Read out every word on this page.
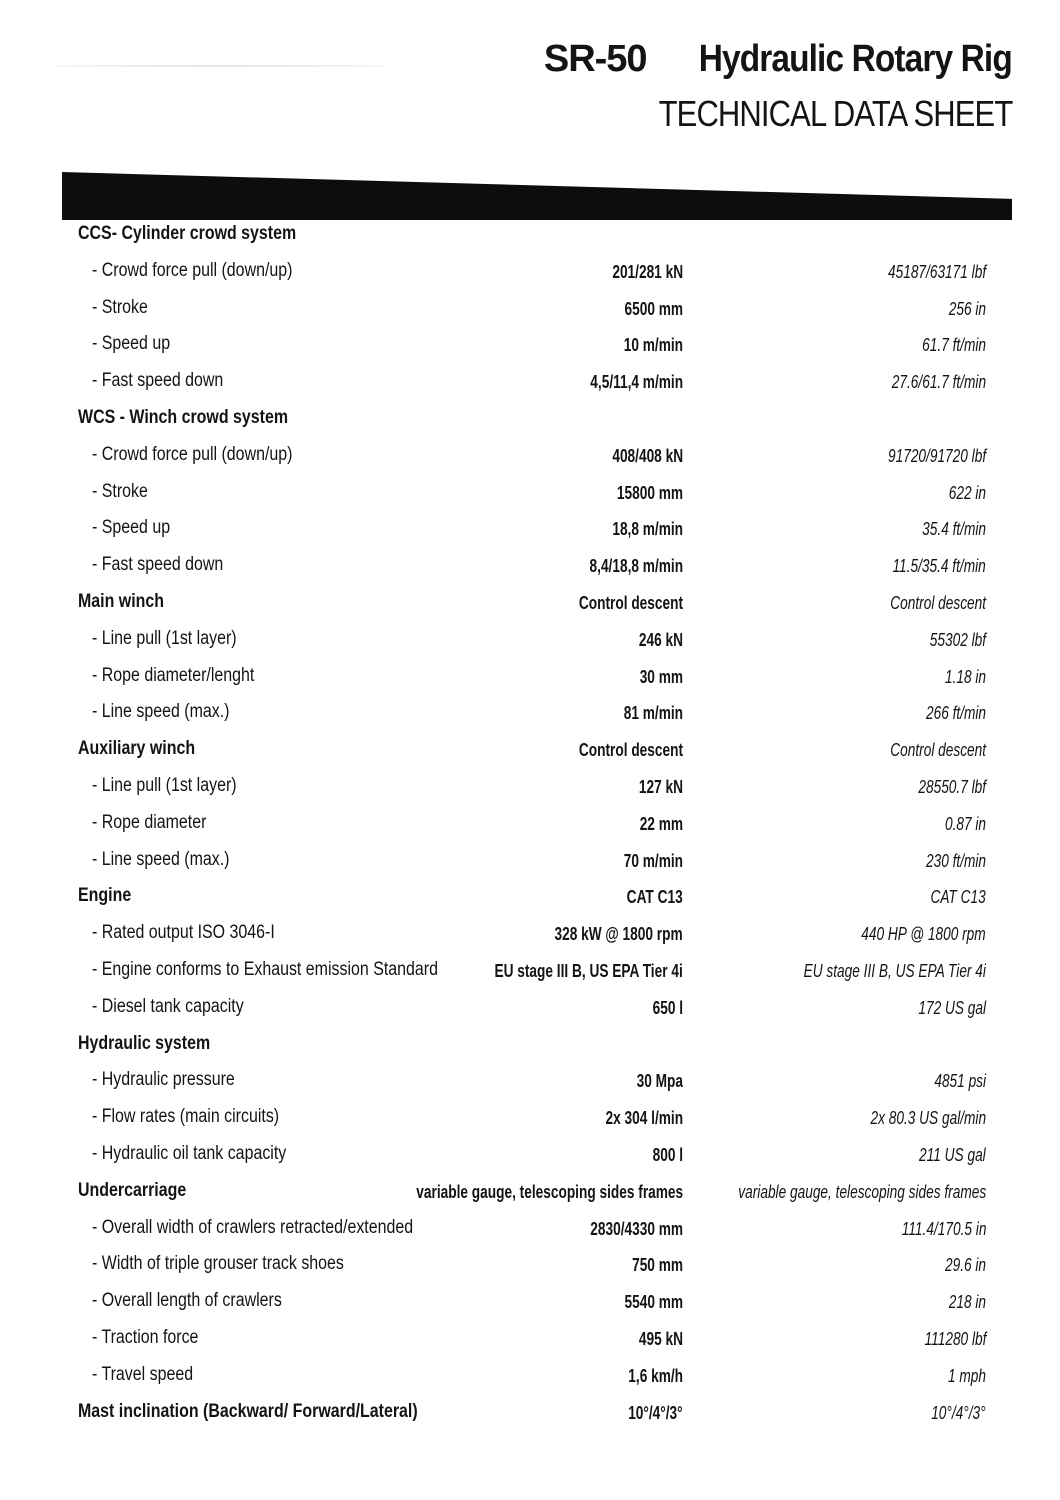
SR-50 Hydraulic Rotary Rig
TECHNICAL DATA SHEET
CCS- Cylinder crowd system
- Crowd force pull (down/up)	201/281 kN	45187/63171 lbf
- Stroke	6500 mm	256 in
- Speed up	10 m/min	61.7 ft/min
- Fast speed down	4,5/11,4 m/min	27.6/61.7 ft/min
WCS - Winch crowd system
- Crowd force pull (down/up)	408/408 kN	91720/91720 lbf
- Stroke	15800 mm	622 in
- Speed up	18,8 m/min	35.4 ft/min
- Fast speed down	8,4/18,8 m/min	11.5/35.4 ft/min
Main winch	Control descent	Control descent
- Line pull (1st layer)	246 kN	55302 lbf
- Rope diameter/lenght	30 mm	1.18 in
- Line speed (max.)	81 m/min	266 ft/min
Auxiliary winch	Control descent	Control descent
- Line pull (1st layer)	127 kN	28550.7 lbf
- Rope diameter	22 mm	0.87 in
- Line speed (max.)	70 m/min	230 ft/min
Engine	CAT C13	CAT C13
- Rated output ISO 3046-I	328 kW @ 1800 rpm	440 HP @ 1800 rpm
- Engine conforms to Exhaust emission Standard	EU stage III B, US EPA Tier 4i	EU stage III B, US EPA Tier 4i
- Diesel tank capacity	650 l	172 US gal
Hydraulic system
- Hydraulic pressure	30 Mpa	4851 psi
- Flow rates (main circuits)	2x 304 l/min	2x 80.3 US gal/min
- Hydraulic oil tank capacity	800 l	211 US gal
Undercarriage	variable gauge, telescoping sides frames	variable gauge, telescoping sides frames
- Overall width of crawlers retracted/extended	2830/4330 mm	111.4/170.5 in
- Width of triple grouser track shoes	750 mm	29.6 in
- Overall length of crawlers	5540 mm	218 in
- Traction force	495 kN	111280 lbf
- Travel speed	1,6 km/h	1 mph
Mast inclination (Backward/ Forward/Lateral)	10°/4°/3°	10°/4°/3°
